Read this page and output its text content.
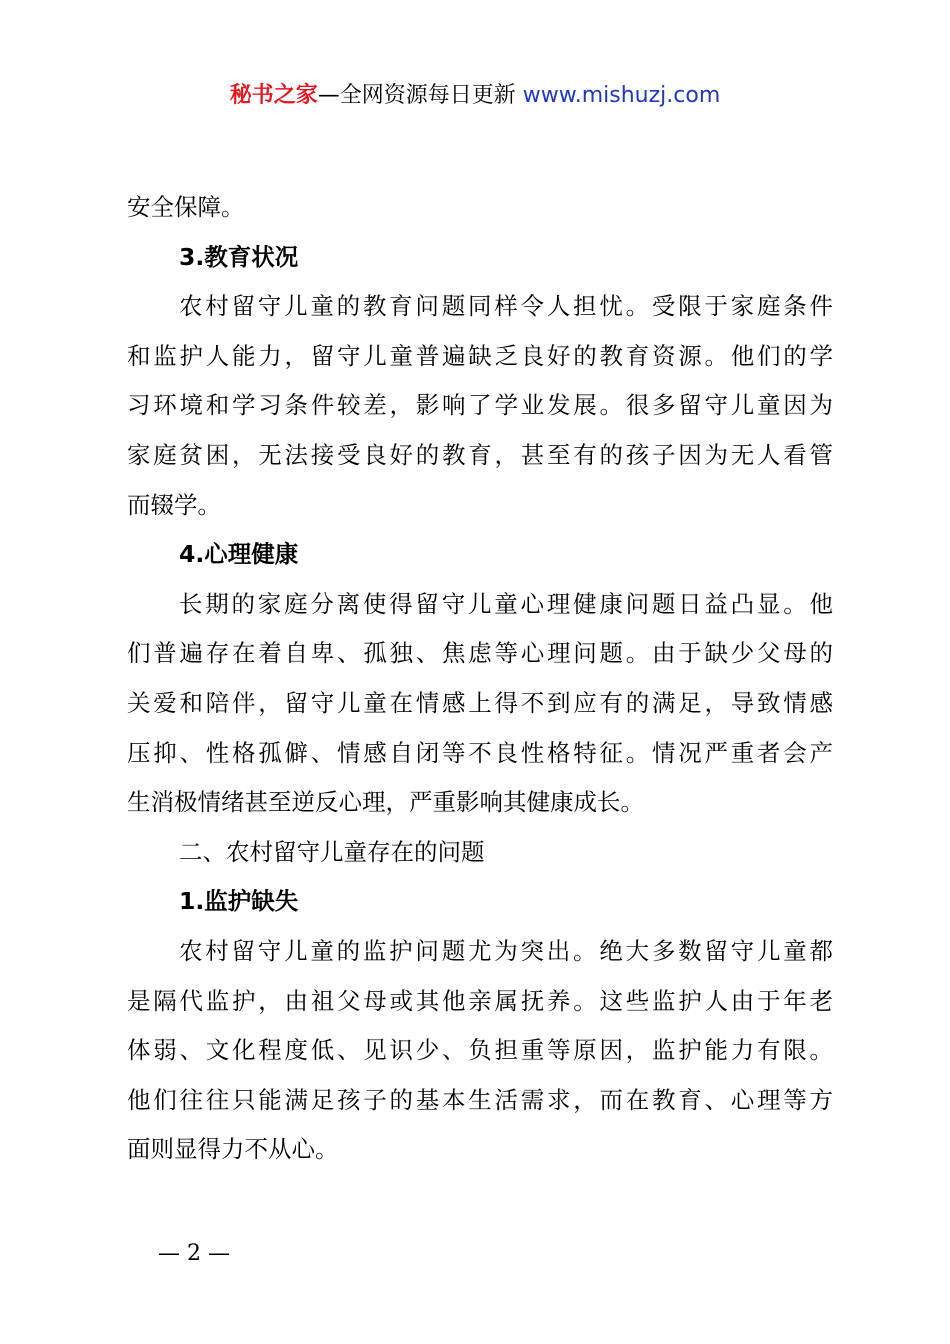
秘书之家—全网资源每日更新 www.mishuzj.com
安全保障。
3.教育状况
农村留守儿童的教育问题同样令人担忧。受限于家庭条件
和监护人能力，留守儿童普遍缺乏良好的教育资源。他们的学
习环境和学习条件较差，影响了学业发展。很多留守儿童因为
家庭贫困，无法接受良好的教育，甚至有的孩子因为无人看管
而辍学。
4.心理健康
长期的家庭分离使得留守儿童心理健康问题日益凸显。他
们普遍存在着自卑、孤独、焦虑等心理问题。由于缺少父母的
关爱和陪伴，留守儿童在情感上得不到应有的满足，导致情感
压抑、性格孤僻、情感自闭等不良性格特征。情况严重者会产
生消极情绪甚至逆反心理，严重影响其健康成长。
二、农村留守儿童存在的问题
1.监护缺失
农村留守儿童的监护问题尤为突出。绝大多数留守儿童都
是隔代监护，由祖父母或其他亲属抚养。这些监护人由于年老
体弱、文化程度低、见识少、负担重等原因，监护能力有限。
他们往往只能满足孩子的基本生活需求，而在教育、心理等方
面则显得力不从心。
— 2 —
